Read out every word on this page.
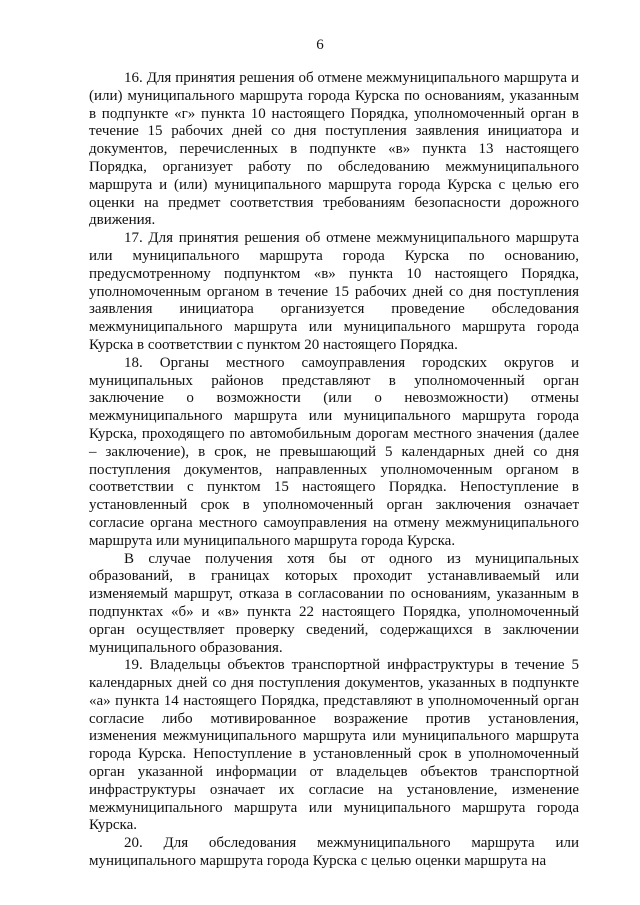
6

16. Для принятия решения об отмене межмуниципального маршрута и (или) муниципального маршрута города Курска по основаниям, указанным в подпункте «г» пункта 10 настоящего Порядка, уполномоченный орган в течение 15 рабочих дней со дня поступления заявления инициатора и документов, перечисленных в подпункте «в» пункта 13 настоящего Порядка, организует работу по обследованию межмуниципального маршрута и (или) муниципального маршрута города Курска с целью его оценки на предмет соответствия требованиям безопасности дорожного движения.

17. Для принятия решения об отмене межмуниципального маршрута или муниципального маршрута города Курска по основанию, предусмотренному подпунктом «в» пункта 10 настоящего Порядка, уполномоченным органом в течение 15 рабочих дней со дня поступления заявления инициатора организуется проведение обследования межмуниципального маршрута или муниципального маршрута города Курска в соответствии с пунктом 20 настоящего Порядка.

18. Органы местного самоуправления городских округов и муниципальных районов представляют в уполномоченный орган заключение о возможности (или о невозможности) отмены межмуниципального маршрута или муниципального маршрута города Курска, проходящего по автомобильным дорогам местного значения (далее – заключение), в срок, не превышающий 5 календарных дней со дня поступления документов, направленных уполномоченным органом в соответствии с пунктом 15 настоящего Порядка. Непоступление в установленный срок в уполномоченный орган заключения означает согласие органа местного самоуправления на отмену межмуниципального маршрута или муниципального маршрута города Курска.

В случае получения хотя бы от одного из муниципальных образований, в границах которых проходит устанавливаемый или изменяемый маршрут, отказа в согласовании по основаниям, указанным в подпунктах «б» и «в» пункта 22 настоящего Порядка, уполномоченный орган осуществляет проверку сведений, содержащихся в заключении муниципального образования.

19. Владельцы объектов транспортной инфраструктуры в течение 5 календарных дней со дня поступления документов, указанных в подпункте «а» пункта 14 настоящего Порядка, представляют в уполномоченный орган согласие либо мотивированное возражение против установления, изменения межмуниципального маршрута или муниципального маршрута города Курска. Непоступление в установленный срок в уполномоченный орган указанной информации от владельцев объектов транспортной инфраструктуры означает их согласие на установление, изменение межмуниципального маршрута или муниципального маршрута города Курска.

20. Для обследования межмуниципального маршрута или муниципального маршрута города Курска с целью оценки маршрута на
